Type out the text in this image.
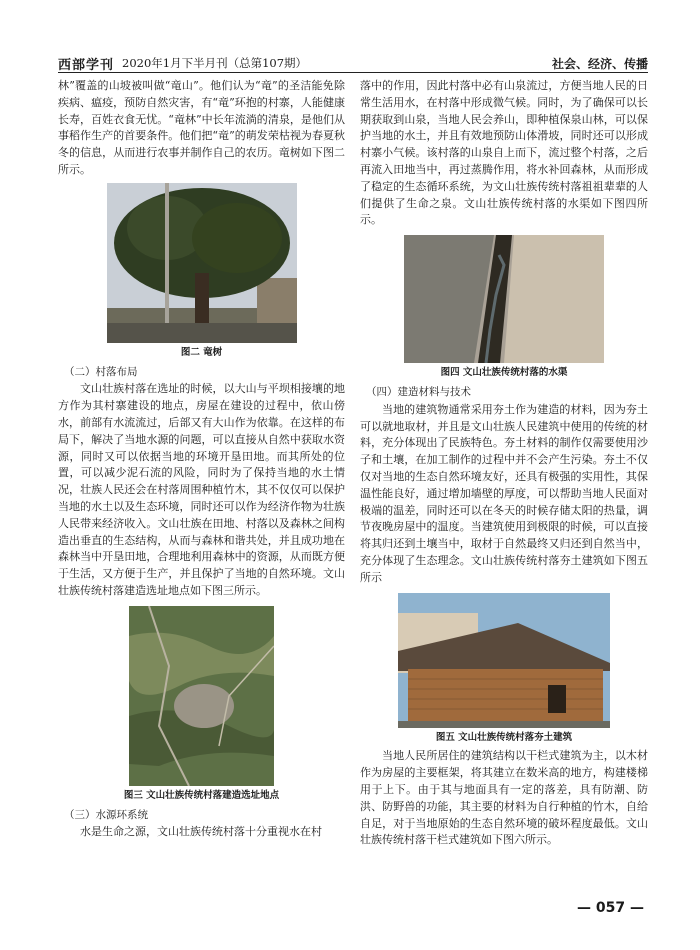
西部学刊 2020年1月下半月刊（总第107期）	社会、经济、传播

林”覆盖的山坡被叫做“竜山”。他们认为“竜”的圣洁能免除疾病、瘟疫，预防自然灾害，有“竜”环抱的村寨，人能健康长寿，百姓衣食无忧。“竜林”中长年流淌的清泉，是他们从事稻作生产的首要条件。他们把“竜”的萌发荣枯视为春夏秋冬的信息，从而进行农事并制作自己的农历。竜树如下图二所示。

图二 竜树
（二）村落布局

文山壮族村落在选址的时候，以大山与平坝相接壤的地方作为其村寨建设的地点，房屋在建设的过程中，依山傍水，前部有水流流过，后部又有大山作为依靠。在这样的布局下，解决了当地水源的问题，可以直接从自然中获取水资源，同时又可以依据当地的环境开垦田地。而其所处的位置，可以减少泥石流的风险，同时为了保持当地的水土情况，壮族人民还会在村落周围种植竹木，其不仅仅可以保护当地的水土以及生态环境，同时还可以作为经济作物为壮族人民带来经济收入。文山壮族在田地、村落以及森林之间构造出垂直的生态结构，从而与森林和谐共处，并且成功地在森林当中开垦田地，合理地利用森林中的资源，从而既方便于生活，又方便于生产，并且保护了当地的自然环境。文山壮族传统村落建造选址地点如下图三所示。

图三 文山壮族传统村落建造选址地点
（三）水源环系统

水是生命之源，文山壮族传统村落十分重视水在村

落中的作用，因此村落中必有山泉流过，方便当地人民的日常生活用水，在村落中形成微气候。同时，为了确保可以长期获取到山泉，当地人民会养山，即种植保泉山林，可以保护当地的水土，并且有效地预防山体滑坡，同时还可以形成村寨小气候。该村落的山泉自上而下，流过整个村落，之后再流入田地当中，再过蒸腾作用，将水补回森林，从而形成了稳定的生态循环系统，为文山壮族传统村落祖祖辈辈的人们提供了生命之泉。文山壮族传统村落的水渠如下图四所示。

图四 文山壮族传统村落的水渠
（四）建造材料与技术

当地的建筑物通常采用夯土作为建造的材料，因为夯土可以就地取材，并且是文山壮族人民建筑中使用的传统的材料，充分体现出了民族特色。夯土材料的制作仅需要使用沙子和土壤，在加工制作的过程中并不会产生污染。夯土不仅仅对当地的生态自然环境友好，还具有极强的实用性，其保温性能良好，通过增加墙壁的厚度，可以帮助当地人民面对极端的温差，同时还可以在冬天的时候存储太阳的热量，调节夜晚房屋中的温度。当建筑使用到极限的时候，可以直接将其归还到土壤当中，取材于自然最终又归还到自然当中，充分体现了生态理念。文山壮族传统村落夯土建筑如下图五所示

图五 文山壮族传统村落夯土建筑

当地人民所居住的建筑结构以干栏式建筑为主，以木材作为房屋的主要框架，将其建立在数米高的地方，构建楼梯用于上下。由于其与地面具有一定的落差，具有防潮、防洪、防野兽的功能，其主要的材料为自行种植的竹木，自给自足，对于当地原始的生态自然环境的破坏程度最低。文山壮族传统村落干栏式建筑如下图六所示。

— 057 —
